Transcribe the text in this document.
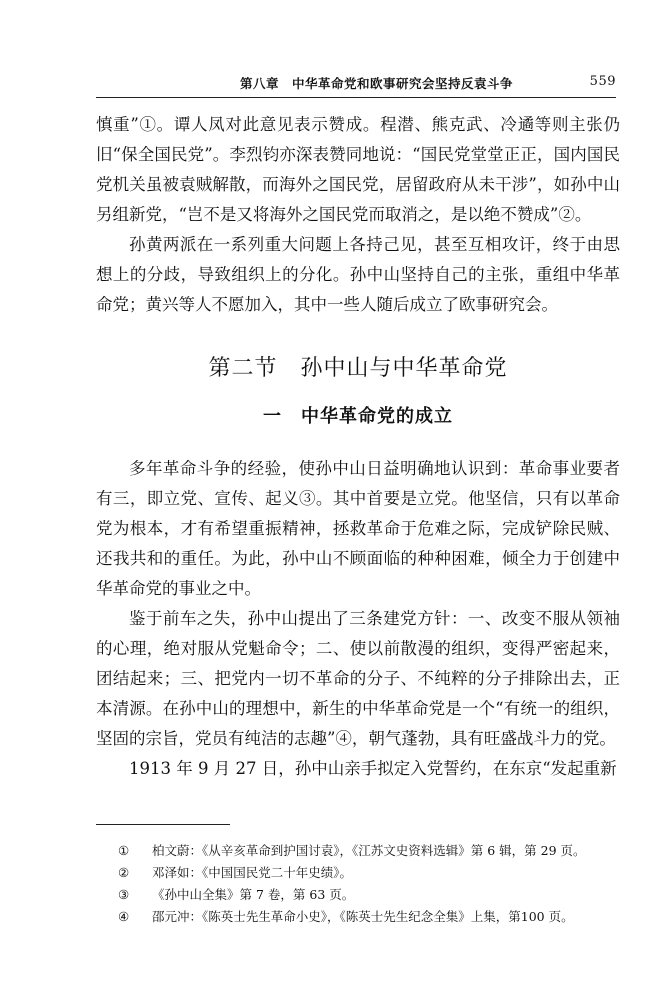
第八章　中华革命党和欧事研究会坚持反袁斗争	559

慎重”①。谭人凤对此意见表示赞成。程潜、熊克武、冷遹等则主张仍旧“保全国民党”。李烈钧亦深表赞同地说：“国民党堂堂正正，国内国民党机关虽被袁贼解散，而海外之国民党，居留政府从未干涉”，如孙中山另组新党，“岂不是又将海外之国民党而取消之，是以绝不赞成”②。

孙黄两派在一系列重大问题上各持己见，甚至互相攻讦，终于由思想上的分歧，导致组织上的分化。孙中山坚持自己的主张，重组中华革命党；黄兴等人不愿加入，其中一些人随后成立了欧事研究会。

第二节　孙中山与中华革命党
一　中华革命党的成立

多年革命斗争的经验，使孙中山日益明确地认识到：革命事业要者有三，即立党、宣传、起义③。其中首要是立党。他坚信，只有以革命党为根本，才有希望重振精神，拯救革命于危难之际，完成铲除民贼、还我共和的重任。为此，孙中山不顾面临的种种困难，倾全力于创建中华革命党的事业之中。

鉴于前车之失，孙中山提出了三条建党方针：一、改变不服从领袖的心理，绝对服从党魁命令；二、使以前散漫的组织，变得严密起来，团结起来；三、把党内一切不革命的分子、不纯粹的分子排除出去，正本清源。在孙中山的理想中，新生的中华革命党是一个“有统一的组织，坚固的宗旨，党员有纯洁的志趣”④，朝气蓬勃，具有旺盛战斗力的党。

1913 年 9 月 27 日，孙中山亲手拟定入党誓约，在东京“发起重新

①	柏文蔚：《从辛亥革命到护国讨袁》，《江苏文史资料选辑》第 6 辑，第 29 页。
②	邓泽如：《中国国民党二十年史绩》。
③	《孙中山全集》第 7 卷，第 63 页。
④	邵元冲：《陈英士先生革命小史》，《陈英士先生纪念全集》上集，第100 页。
